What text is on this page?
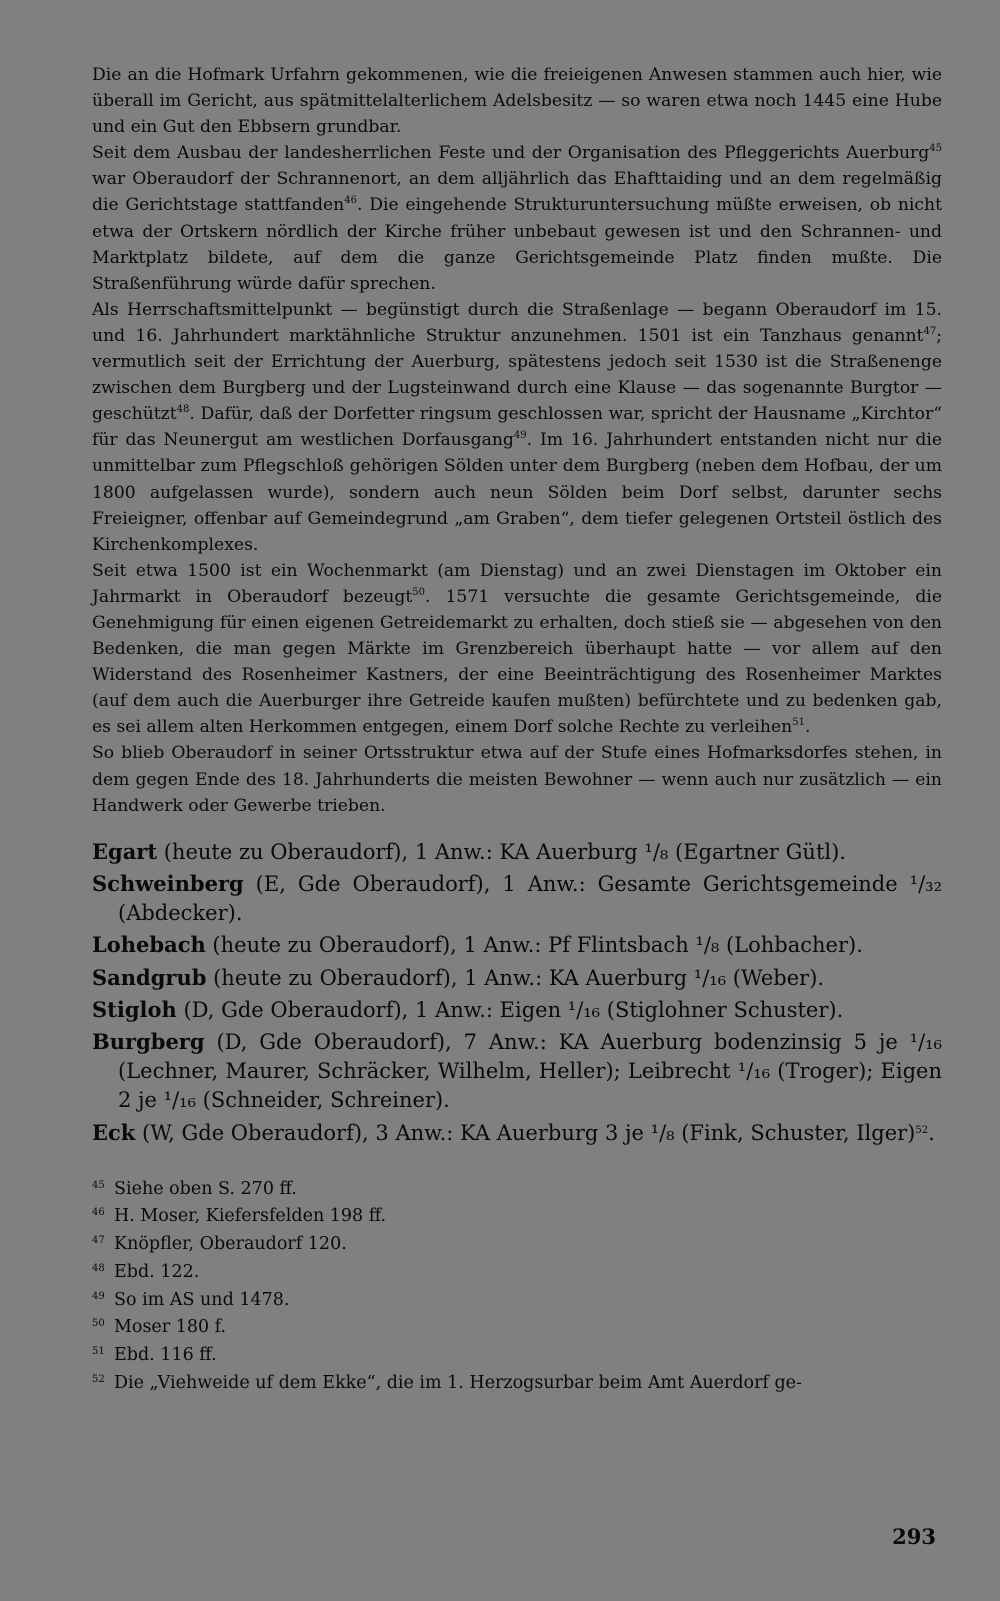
Die an die Hofmark Urfahrn gekommenen, wie die freieigenen Anwesen stammen auch hier, wie überall im Gericht, aus spätmittelalterlichem Adelsbesitz — so waren etwa noch 1445 eine Hube und ein Gut den Ebbsern grundbar.

Seit dem Ausbau der landesherrlichen Feste und der Organisation des Pfleggerichts Auerburg$^{45}$ war Oberaudorf der Schrannenort, an dem alljährlich das Ehafttaiding und an dem regelmäßig die Gerichtstage stattfanden$^{46}$. Die eingehende Strukturuntersuchung müßte erweisen, ob nicht etwa der Ortskern nördlich der Kirche früher unbebaut gewesen ist und den Schrannen- und Marktplatz bildete, auf dem die ganze Gerichtsgemeinde Platz finden mußte. Die Straßenführung würde dafür sprechen.

Als Herrschaftsmittelpunkt — begünstigt durch die Straßenlage — begann Oberaudorf im 15. und 16. Jahrhundert marktähnliche Struktur anzunehmen. 1501 ist ein Tanzhaus genannt$^{47}$; vermutlich seit der Errichtung der Auerburg, spätestens jedoch seit 1530 ist die Straßenenge zwischen dem Burgberg und der Lugsteinwand durch eine Klause — das sogenannte Burgtor — geschützt$^{48}$. Dafür, daß der Dorfetter ringsum geschlossen war, spricht der Hausname „Kirchtor“ für das Neunergut am westlichen Dorfausgang$^{49}$. Im 16. Jahrhundert entstanden nicht nur die unmittelbar zum Pflegschloß gehörigen Sölden unter dem Burgberg (neben dem Hofbau, der um 1800 aufgelassen wurde), sondern auch neun Sölden beim Dorf selbst, darunter sechs Freieigner, offenbar auf Gemeindegrund „am Graben“, dem tiefer gelegenen Ortsteil östlich des Kirchenkomplexes.

Seit etwa 1500 ist ein Wochenmarkt (am Dienstag) und an zwei Dienstagen im Oktober ein Jahrmarkt in Oberaudorf bezeugt$^{50}$. 1571 versuchte die gesamte Gerichtsgemeinde, die Genehmigung für einen eigenen Getreidemarkt zu erhalten, doch stieß sie — abgesehen von den Bedenken, die man gegen Märkte im Grenzbereich überhaupt hatte — vor allem auf den Widerstand des Rosenheimer Kastners, der eine Beeinträchtigung des Rosenheimer Marktes (auf dem auch die Auerburger ihre Getreide kaufen mußten) befürchtete und zu bedenken gab, es sei allem alten Herkommen entgegen, einem Dorf solche Rechte zu verleihen$^{51}$.

So blieb Oberaudorf in seiner Ortsstruktur etwa auf der Stufe eines Hofmarksdorfes stehen, in dem gegen Ende des 18. Jahrhunderts die meisten Bewohner — wenn auch nur zusätzlich — ein Handwerk oder Gewerbe trieben.

Egart (heute zu Oberaudorf), 1 Anw.: KA Auerburg ¹/₈ (Egartner Gütl).
Schweinberg (E, Gde Oberaudorf), 1 Anw.: Gesamte Gerichtsgemeinde ¹/₃₂ (Abdecker).
Lohebach (heute zu Oberaudorf), 1 Anw.: Pf Flintsbach ¹/₈ (Lohbacher).
Sandgrub (heute zu Oberaudorf), 1 Anw.: KA Auerburg ¹/₁₆ (Weber).
Stigloh (D, Gde Oberaudorf), 1 Anw.: Eigen ¹/₁₆ (Stiglohner Schuster).
Burgberg (D, Gde Oberaudorf), 7 Anw.: KA Auerburg bodenzinsig 5 je ¹/₁₆ (Lechner, Maurer, Schräcker, Wilhelm, Heller); Leibrecht ¹/₁₆ (Troger); Eigen 2 je ¹/₁₆ (Schneider, Schreiner).
Eck (W, Gde Oberaudorf), 3 Anw.: KA Auerburg 3 je ¹/₈ (Fink, Schuster, Ilger)$^{52}$.
45 Siehe oben S. 270 ff.
46 H. Moser, Kiefersfelden 198 ff.
47 Knöpfler, Oberaudorf 120.
48 Ebd. 122.
49 So im AS und 1478.
50 Moser 180 f.
51 Ebd. 116 ff.
52 Die „Viehweide uf dem Ekke“, die im 1. Herzogsurbar beim Amt Auerdorf ge-
293
